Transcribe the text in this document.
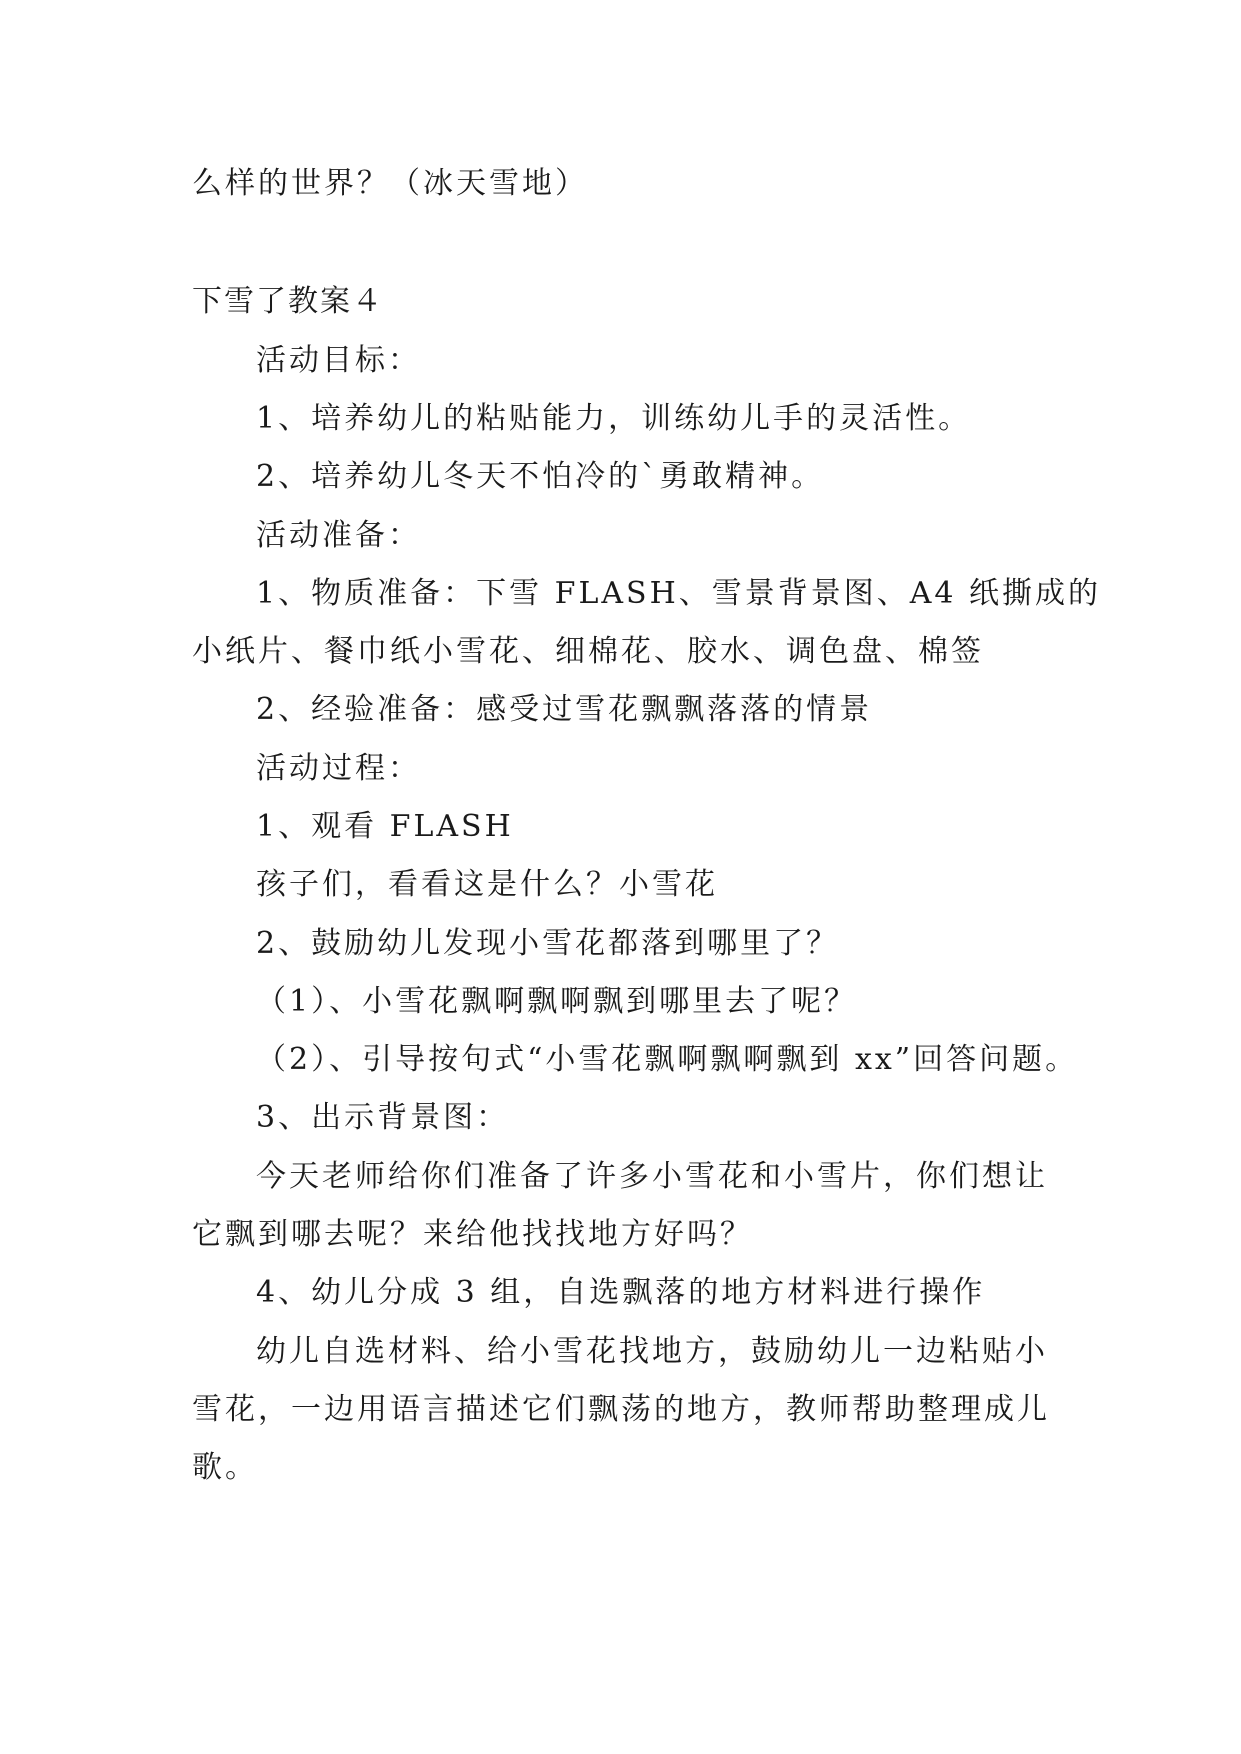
么样的世界？（冰天雪地）
下雪了教案４
活动目标：
1、培养幼儿的粘贴能力，训练幼儿手的灵活性。
2、培养幼儿冬天不怕冷的`勇敢精神。
活动准备：
1、物质准备：下雪 FLASH、雪景背景图、A4 纸撕成的
小纸片、餐巾纸小雪花、细棉花、胶水、调色盘、棉签
2、经验准备：感受过雪花飘飘落落的情景
活动过程：
1、观看 FLASH
孩子们，看看这是什么？小雪花
2、鼓励幼儿发现小雪花都落到哪里了？
（1）、小雪花飘啊飘啊飘到哪里去了呢？
（2）、引导按句式“小雪花飘啊飘啊飘到 xx”回答问题。
3、出示背景图：
今天老师给你们准备了许多小雪花和小雪片，你们想让
它飘到哪去呢？来给他找找地方好吗？
4、幼儿分成 3 组，自选飘落的地方材料进行操作
幼儿自选材料、给小雪花找地方，鼓励幼儿一边粘贴小
雪花，一边用语言描述它们飘荡的地方，教师帮助整理成儿
歌。
